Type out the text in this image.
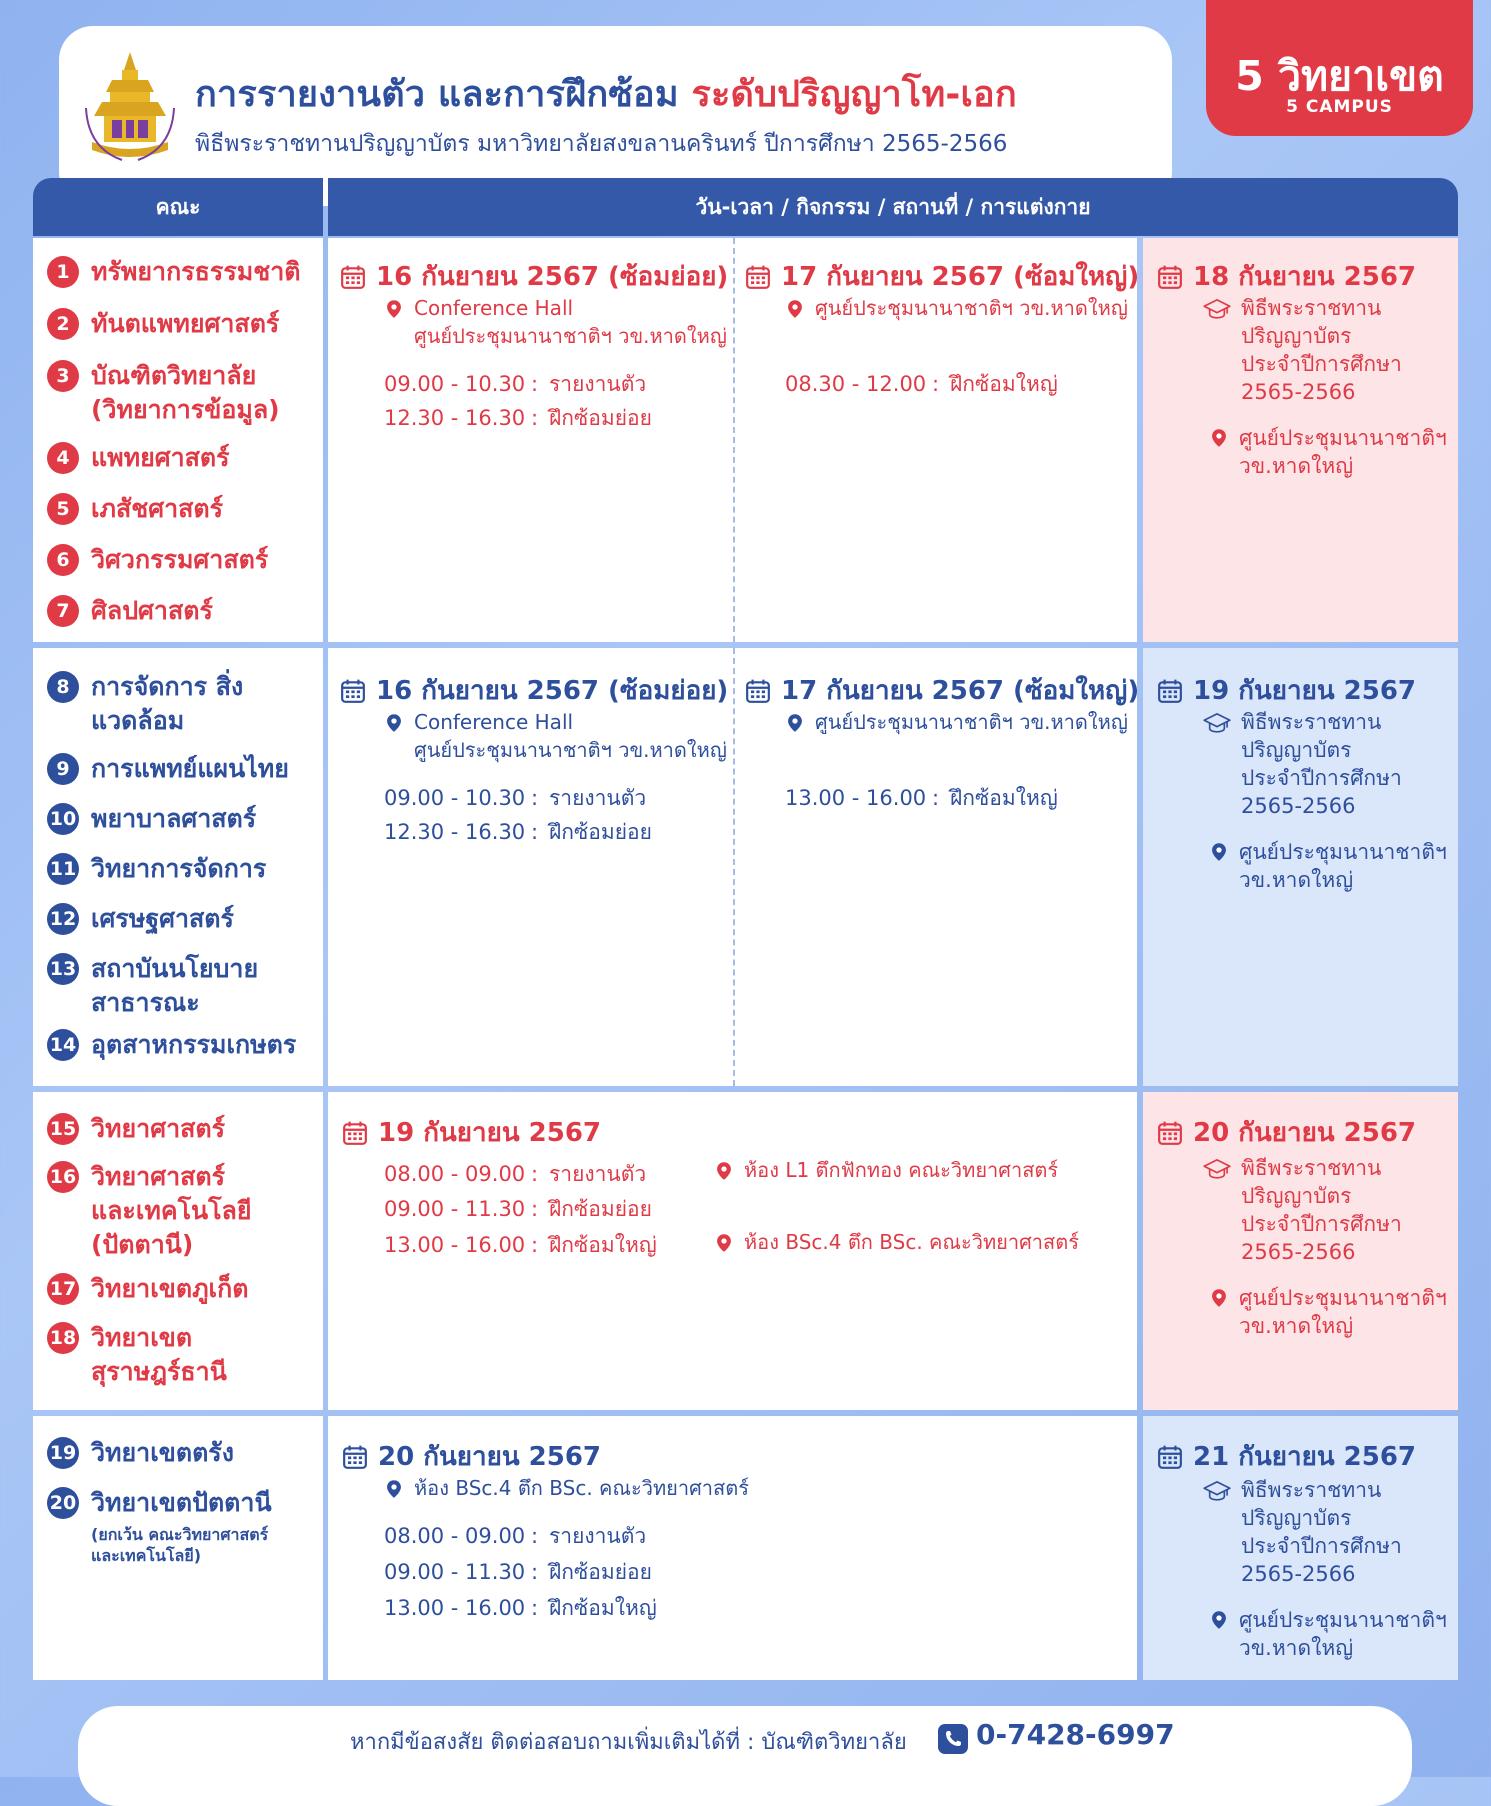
การรายงานตัว และการฝึกซ้อม ระดับปริญญาโท-เอก
พิธีพระราชทานปริญญาบัตร มหาวิทยาลัยสงขลานครินทร์ ปีการศึกษา 2565-2566
5 วิทยาเขต
5 CAMPUS
คณะ	วัน-เวลา / กิจกรรม / สถานที่ / การแต่งกาย
1 ทรัพยากรธรรมชาติ
2 ทันตแพทยศาสตร์
3 บัณฑิตวิทยาลัย (วิทยาการข้อมูล)
4 แพทยศาสตร์
5 เภสัชศาสตร์
6 วิศวกรรมศาสตร์
7 ศิลปศาสตร์
16 กันยายน 2567 (ซ้อมย่อย)
Conference Hall
ศูนย์ประชุมนานาชาติฯ วข.หาดใหญ่
09.00 - 10.30 : รายงานตัว
12.30 - 16.30 : ฝึกซ้อมย่อย
17 กันยายน 2567 (ซ้อมใหญ่)
ศูนย์ประชุมนานาชาติฯ วข.หาดใหญ่
08.30 - 12.00 : ฝึกซ้อมใหญ่
18 กันยายน 2567
พิธีพระราชทาน
ปริญญาบัตร
ประจำปีการศึกษา
2565-2566
ศูนย์ประชุมนานาชาติฯ
วข.หาดใหญ่
8 การจัดการ สิ่งแวดล้อม
9 การแพทย์แผนไทย
10 พยาบาลศาสตร์
11 วิทยาการจัดการ
12 เศรษฐศาสตร์
13 สถาบันนโยบาย สาธารณะ
14 อุตสาหกรรมเกษตร
16 กันยายน 2567 (ซ้อมย่อย)
Conference Hall
ศูนย์ประชุมนานาชาติฯ วข.หาดใหญ่
09.00 - 10.30 : รายงานตัว
12.30 - 16.30 : ฝึกซ้อมย่อย
17 กันยายน 2567 (ซ้อมใหญ่)
ศูนย์ประชุมนานาชาติฯ วข.หาดใหญ่
13.00 - 16.00 : ฝึกซ้อมใหญ่
19 กันยายน 2567
พิธีพระราชทาน
ปริญญาบัตร
ประจำปีการศึกษา
2565-2566
ศูนย์ประชุมนานาชาติฯ
วข.หาดใหญ่
15 วิทยาศาสตร์
16 วิทยาศาสตร์ และเทคโนโลยี (ปัตตานี)
17 วิทยาเขตภูเก็ต
18 วิทยาเขต สุราษฎร์ธานี
19 กันยายน 2567
08.00 - 09.00 : รายงานตัว
09.00 - 11.30 : ฝึกซ้อมย่อย
13.00 - 16.00 : ฝึกซ้อมใหญ่
ห้อง L1 ตึกฟักทอง คณะวิทยาศาสตร์
ห้อง BSc.4 ตึก BSc. คณะวิทยาศาสตร์
20 กันยายน 2567
พิธีพระราชทาน
ปริญญาบัตร
ประจำปีการศึกษา
2565-2566
ศูนย์ประชุมนานาชาติฯ
วข.หาดใหญ่
19 วิทยาเขตตรัง
20 วิทยาเขตปัตตานี
(ยกเว้น คณะวิทยาศาสตร์ และเทคโนโลยี)
20 กันยายน 2567
ห้อง BSc.4 ตึก BSc. คณะวิทยาศาสตร์
08.00 - 09.00 : รายงานตัว
09.00 - 11.30 : ฝึกซ้อมย่อย
13.00 - 16.00 : ฝึกซ้อมใหญ่
21 กันยายน 2567
พิธีพระราชทาน
ปริญญาบัตร
ประจำปีการศึกษา
2565-2566
ศูนย์ประชุมนานาชาติฯ
วข.หาดใหญ่
หากมีข้อสงสัย ติดต่อสอบถามเพิ่มเติมได้ที่ : บัณฑิตวิทยาลัย 0-7428-6997
